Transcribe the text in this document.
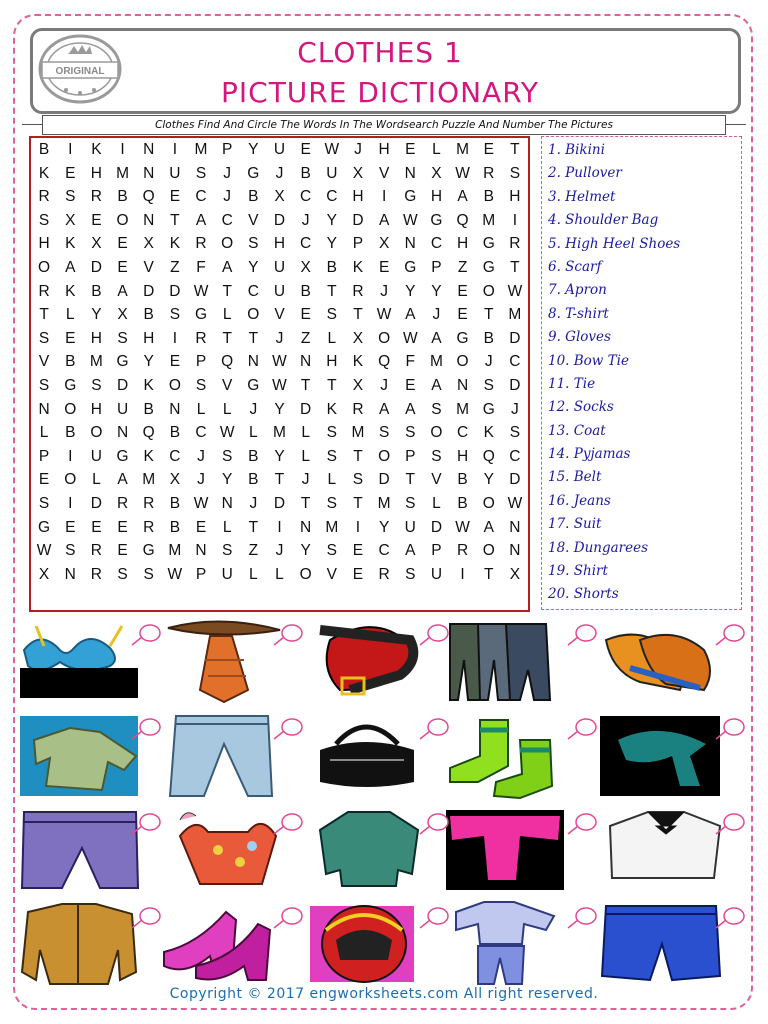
ORIGINAL
CLOTHES 1
PICTURE DICTIONARY
Clothes Find And Circle The Words In The Wordsearch Puzzle And Number The Pictures
B	I	K	I	N	I	M P	Y U E W J	H E	L M E	T
K	E H M N U S	J	G	J	B U X	V N X W R S
R S R B Q E C	J	B	X C C H	I	G H A	B H
S	X	E O N	T	A C V D	J	Y D A W G Q M	I
H K	X	E	X	K R O S H C Y	P	X N C H G R
O A D E	V	Z	F	A	Y U X	B	K	E G P	Z G T
R K	B	A D D W T	C U B	T	R	J	Y	Y	E O W
T	L	Y	X	B	S G	L	O V	E	S	T W A	J	E	T M
S	E H S H	I	R	T	T	J	Z	L	X O W A G B D
V	B M G Y	E	P Q N W N H K Q F M O	J	C
S G S D K O S	V G W T	T	X	J	E	A N S D
N O H U B N	L	L	J	Y D K R A	A	S M G	J
L	B O N Q B C W L M L	S M S	S O C K	S
P	I	U G K C	J	S	B	Y	L	S	T O P	S H Q C
E O	L	A M X	J	Y	B	T	J	L	S D	T	V	B	Y D
S	I	D R R B W N	J	D	T	S	T M S	L	B O W
G E	E	E R B	E	L	T	I	N M	I	Y U D W A N
W S R E G M N S	Z	J	Y	S	E C A	P R O N
X N R S	S W P U	L	L	O V	E R S U	I	T	X
1. Bikini
2. Pullover
3. Helmet
4. Shoulder Bag
5. High Heel Shoes
6. Scarf
7. Apron
8. T-shirt
9. Gloves
10. Bow Tie
11. Tie
12. Socks
13. Coat
14. Pyjamas
15. Belt
16. Jeans
17. Suit
18. Dungarees
19. Shirt
20. Shorts
Copyright © 2017 engworksheets.com All right reserved.
